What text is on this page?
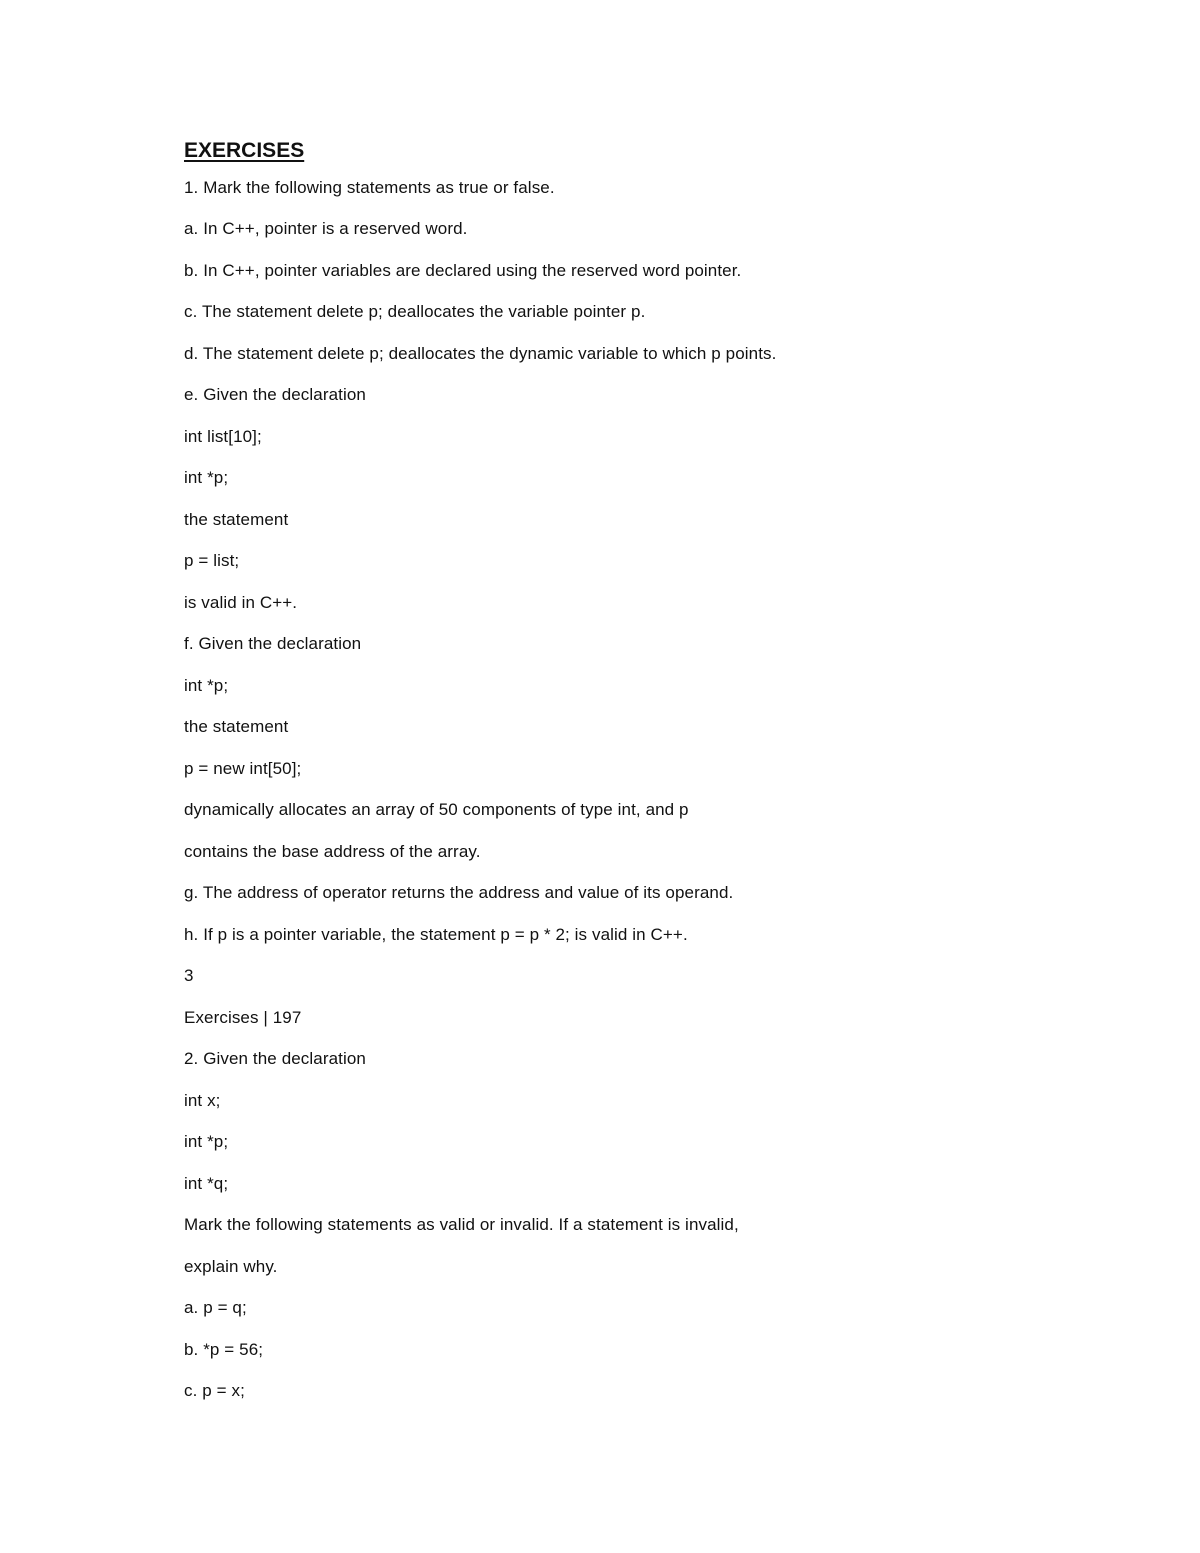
EXERCISES
1. Mark the following statements as true or false.
a. In C++, pointer is a reserved word.
b. In C++, pointer variables are declared using the reserved word pointer.
c. The statement delete p; deallocates the variable pointer p.
d. The statement delete p; deallocates the dynamic variable to which p points.
e. Given the declaration
int list[10];
int *p;
the statement
p = list;
is valid in C++.
f. Given the declaration
int *p;
the statement
p = new int[50];
dynamically allocates an array of 50 components of type int, and p
contains the base address of the array.
g. The address of operator returns the address and value of its operand.
h. If p is a pointer variable, the statement p = p * 2; is valid in C++.
3
Exercises | 197
2. Given the declaration
int x;
int *p;
int *q;
Mark the following statements as valid or invalid. If a statement is invalid,
explain why.
a. p = q;
b. *p = 56;
c. p = x;
